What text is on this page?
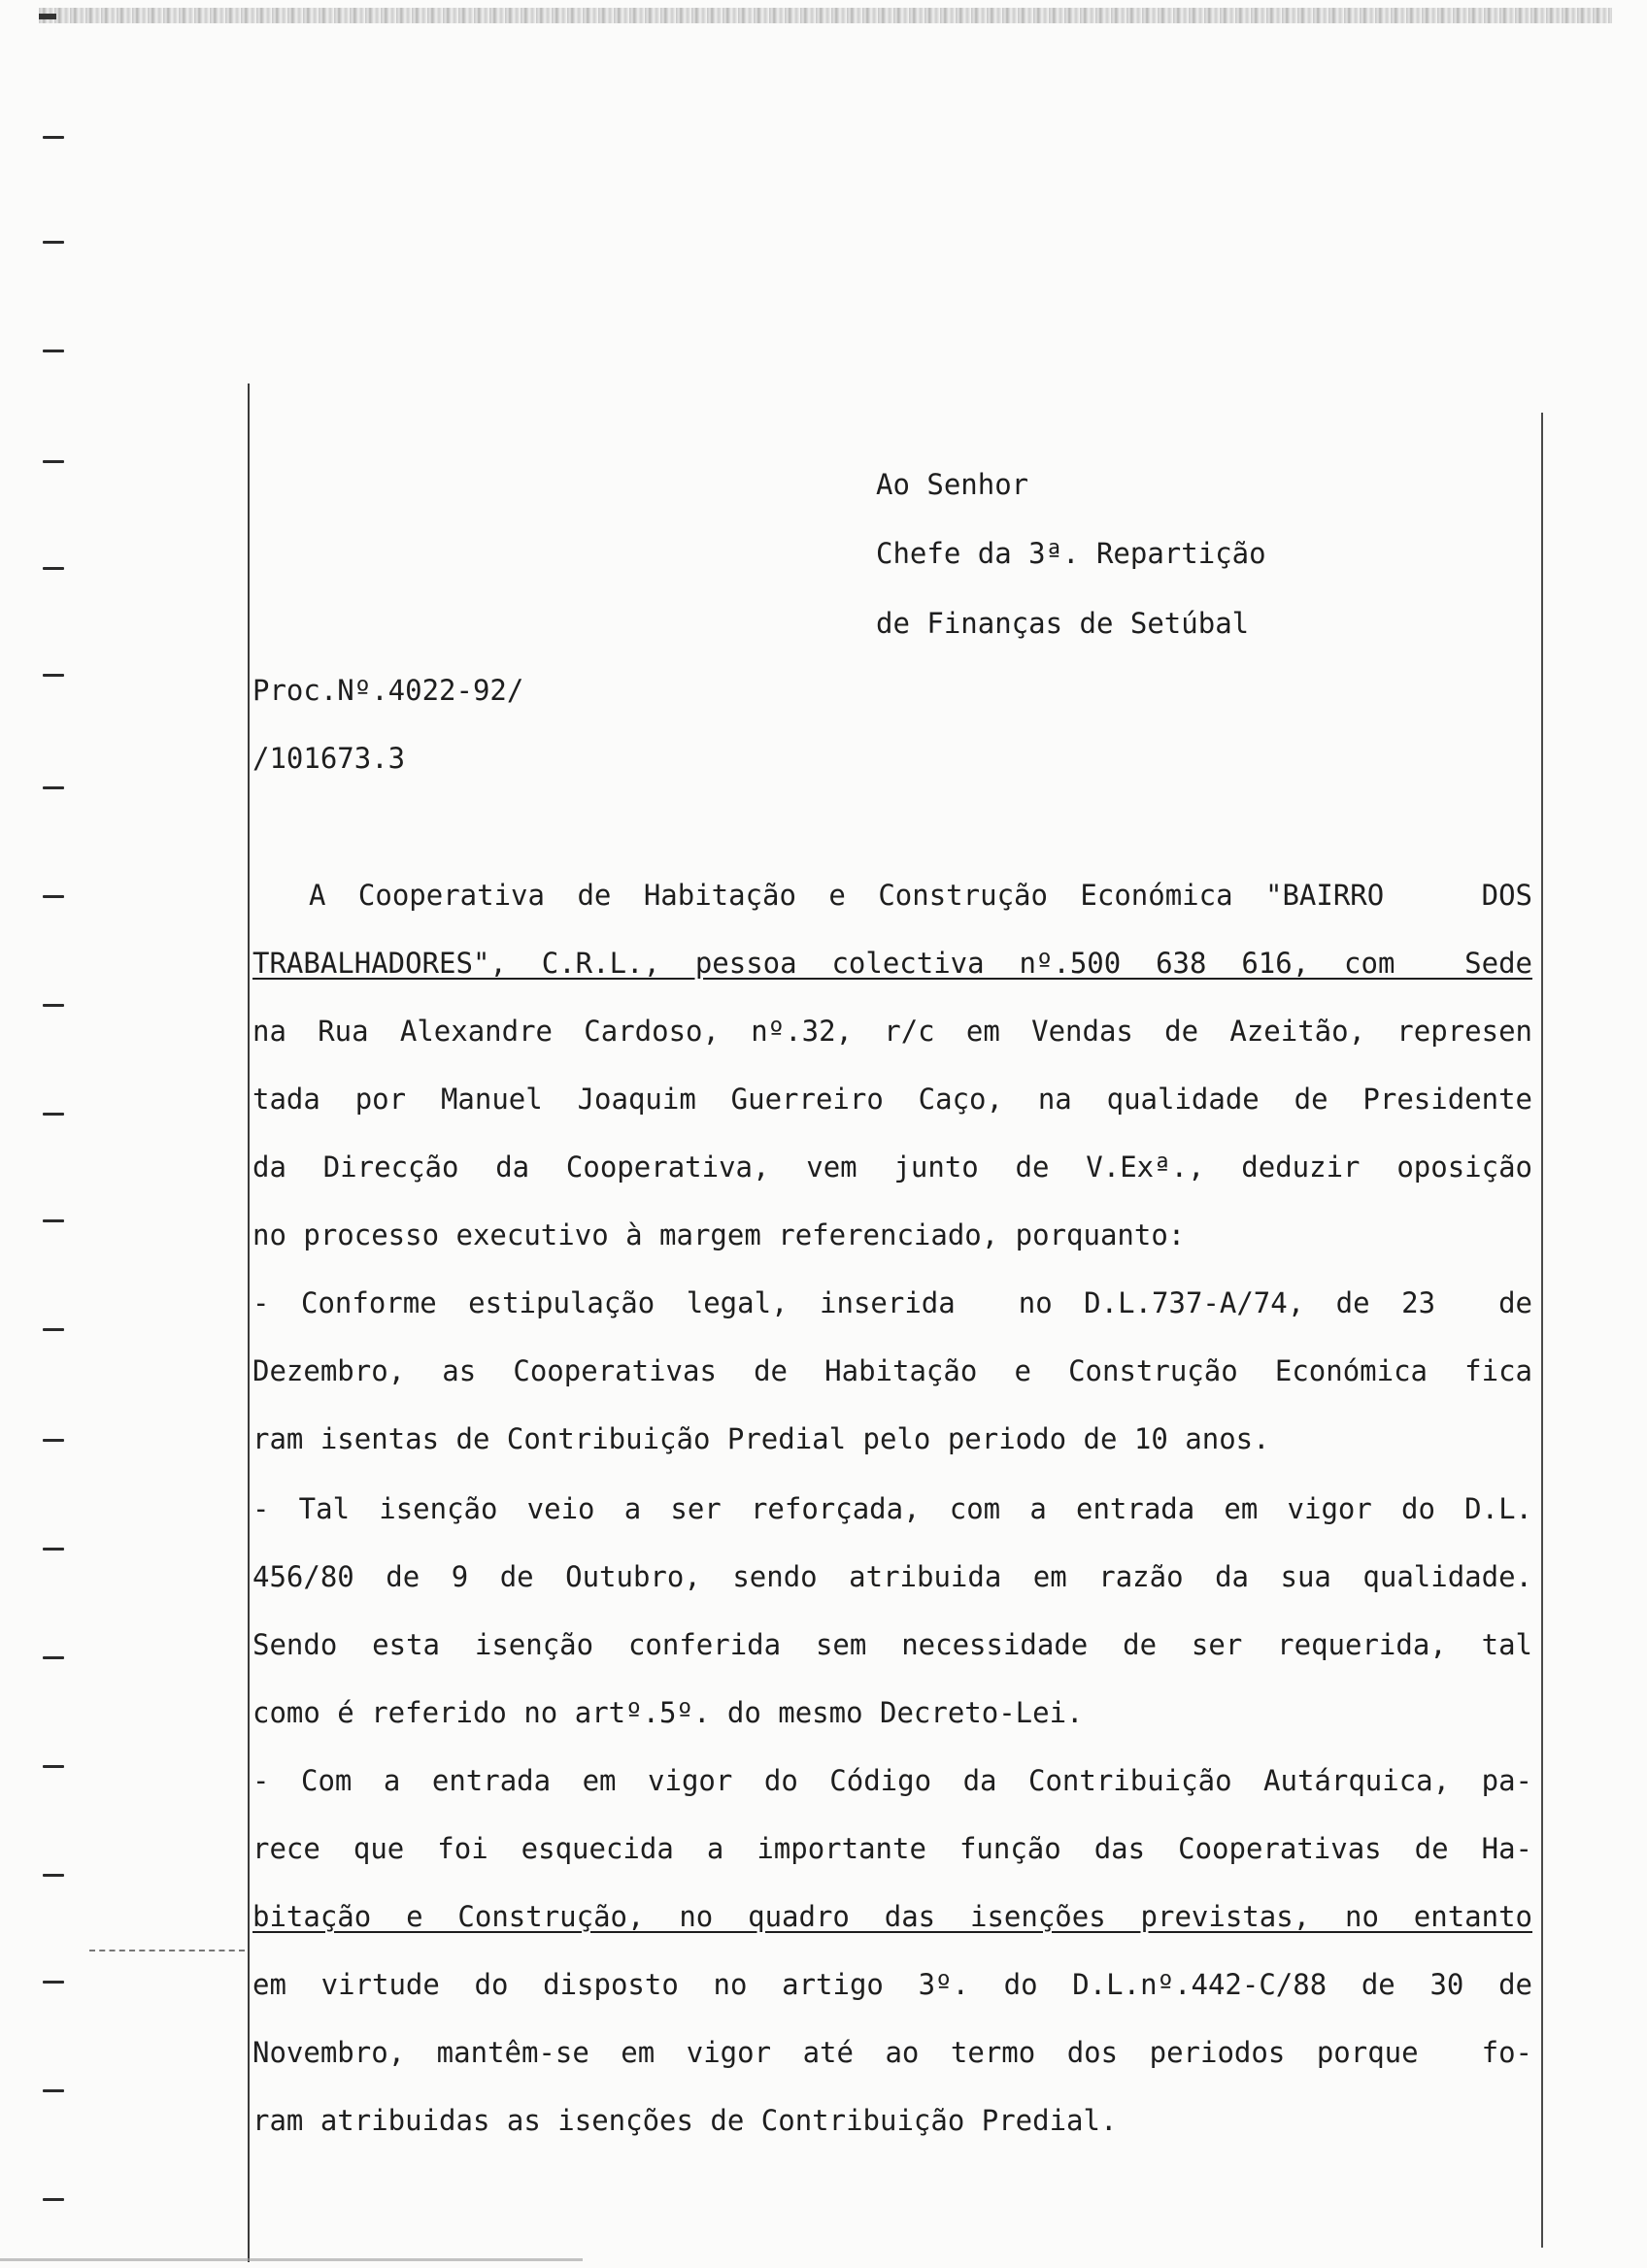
Ao Senhor
Chefe da 3ª. Repartição
de Finanças de Setúbal
Proc.Nº.4022-92/
/101673.3
A Cooperativa de Habitação e Construção Económica "BAIRRO   DOS
TRABALHADORES", C.R.L., pessoa colectiva nº.500 638 616, com  Sede
na Rua Alexandre Cardoso, nº.32, r/c em Vendas de Azeitão, represen
tada por Manuel Joaquim Guerreiro Caço, na qualidade de Presidente
da Direcção da Cooperativa, vem junto de V.Exª., deduzir oposição
no processo executivo à margem referenciado, porquanto:
- Conforme estipulação legal, inserida  no D.L.737-A/74, de 23  de
Dezembro, as Cooperativas de Habitação e Construção Económica fica
ram isentas de Contribuição Predial pelo periodo de 10 anos.
- Tal isenção veio a ser reforçada, com a entrada em vigor do D.L.
456/80 de 9 de Outubro, sendo atribuida em razão da sua qualidade.
Sendo esta isenção conferida sem necessidade de ser requerida, tal
como é referido no artº.5º. do mesmo Decreto-Lei.
- Com a entrada em vigor do Código da Contribuição Autárquica, pa-
rece que foi esquecida a importante função das Cooperativas de Ha-
bitação e Construção, no quadro das isenções previstas, no entanto
em virtude do disposto no artigo 3º. do D.L.nº.442-C/88 de 30 de
Novembro, mantêm-se em vigor até ao termo dos periodos porque  fo-
ram atribuidas as isenções de Contribuição Predial.
